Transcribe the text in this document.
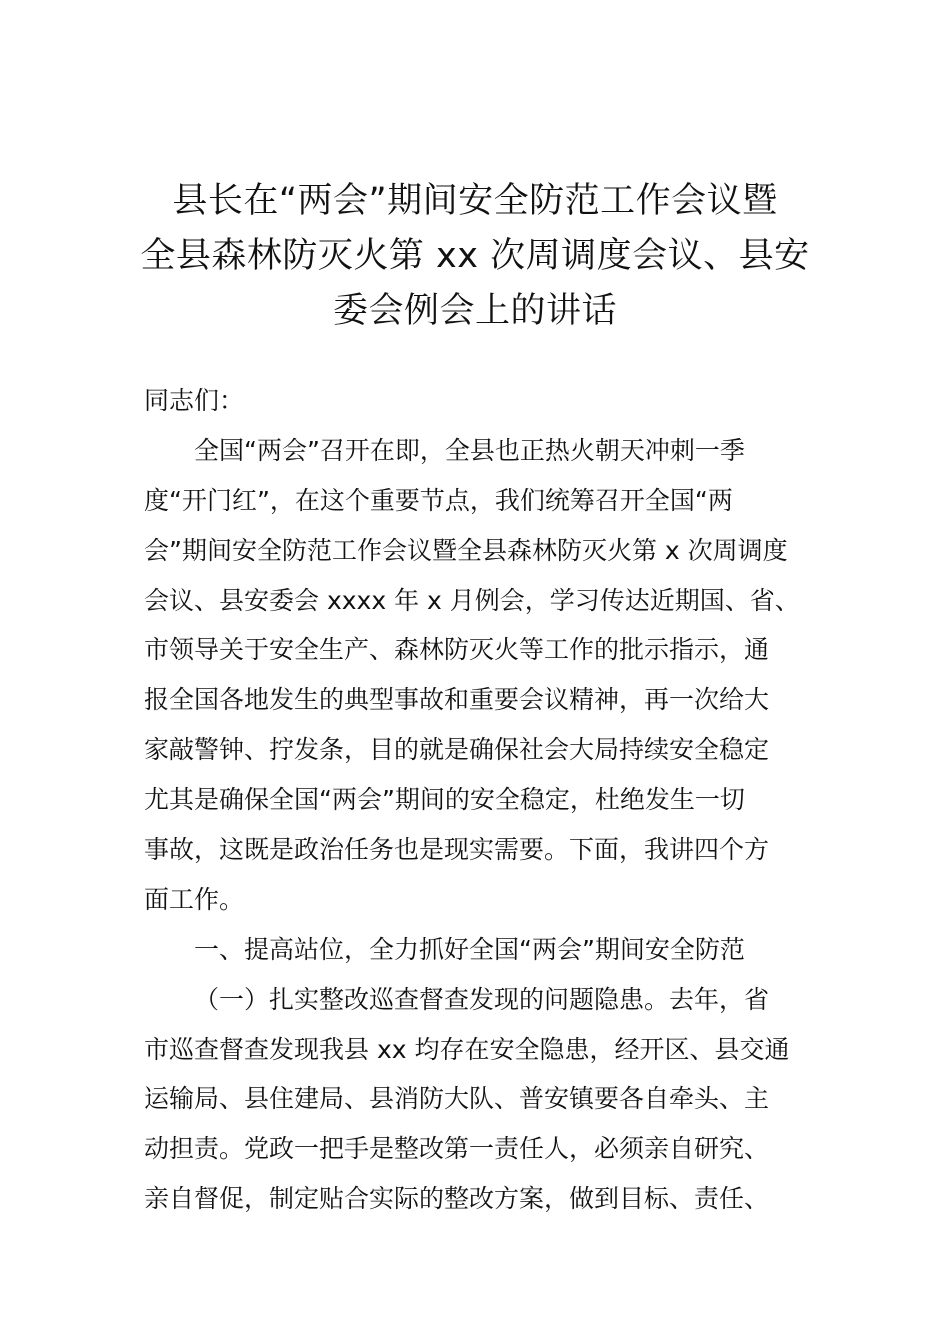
县长在“两会”期间安全防范工作会议暨
全县森林防灭火第 xx 次周调度会议、县安
委会例会上的讲话
同志们：
全国“两会”召开在即，全县也正热火朝天冲刺一季
度“开门红”，在这个重要节点，我们统筹召开全国“两
会”期间安全防范工作会议暨全县森林防灭火第 x 次周调度
会议、县安委会 xxxx 年 x 月例会，学习传达近期国、省、
市领导关于安全生产、森林防灭火等工作的批示指示，通
报全国各地发生的典型事故和重要会议精神，再一次给大
家敲警钟、拧发条，目的就是确保社会大局持续安全稳定
尤其是确保全国“两会”期间的安全稳定，杜绝发生一切
事故，这既是政治任务也是现实需要。下面，我讲四个方
面工作。
一、提高站位，全力抓好全国“两会”期间安全防范
（一）扎实整改巡查督查发现的问题隐患。去年，省
市巡查督查发现我县 xx 均存在安全隐患，经开区、县交通
运输局、县住建局、县消防大队、普安镇要各自牵头、主
动担责。党政一把手是整改第一责任人，必须亲自研究、
亲自督促，制定贴合实际的整改方案，做到目标、责任、
